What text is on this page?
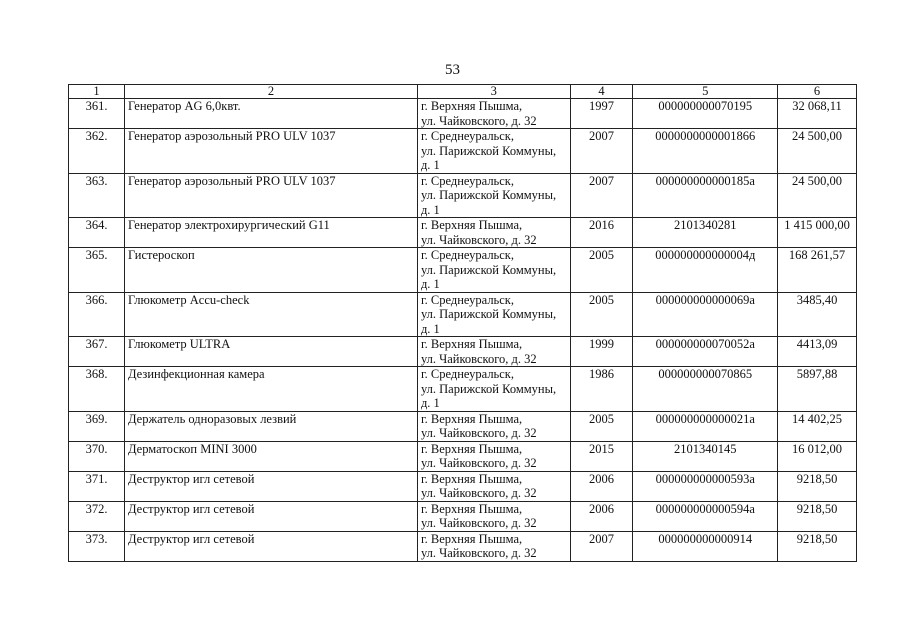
53
1	2	3	4	5	6
361.	Генератор AG 6,0квт.	г. Верхняя Пышма,
ул. Чайковского, д. 32	1997	000000000070195	32 068,11
362.	Генератор аэрозольный PRO ULV 1037	г. Среднеуральск,
ул. Парижской Коммуны,
д. 1	2007	0000000000001866	24 500,00
363.	Генератор аэрозольный PRO ULV 1037	г. Среднеуральск,
ул. Парижской Коммуны,
д. 1	2007	000000000000185а	24 500,00
364.	Генератор электрохирургический G11	г. Верхняя Пышма,
ул. Чайковского, д. 32	2016	2101340281	1 415 000,00
365.	Гистероскоп	г. Среднеуральск,
ул. Парижской Коммуны,
д. 1	2005	000000000000004д	168 261,57
366.	Глюкометр Accu-check	г. Среднеуральск,
ул. Парижской Коммуны,
д. 1	2005	000000000000069а	3485,40
367.	Глюкометр ULTRA	г. Верхняя Пышма,
ул. Чайковского, д. 32	1999	000000000070052а	4413,09
368.	Дезинфекционная камера	г. Среднеуральск,
ул. Парижской Коммуны,
д. 1	1986	000000000070865	5897,88
369.	Держатель одноразовых лезвий	г. Верхняя Пышма,
ул. Чайковского, д. 32	2005	000000000000021а	14 402,25
370.	Дерматоскоп MINI 3000	г. Верхняя Пышма,
ул. Чайковского, д. 32	2015	2101340145	16 012,00
371.	Деструктор игл сетевой	г. Верхняя Пышма,
ул. Чайковского, д. 32	2006	000000000000593а	9218,50
372.	Деструктор игл сетевой	г. Верхняя Пышма,
ул. Чайковского, д. 32	2006	000000000000594а	9218,50
373.	Деструктор игл сетевой	г. Верхняя Пышма,
ул. Чайковского, д. 32	2007	000000000000914	9218,50
